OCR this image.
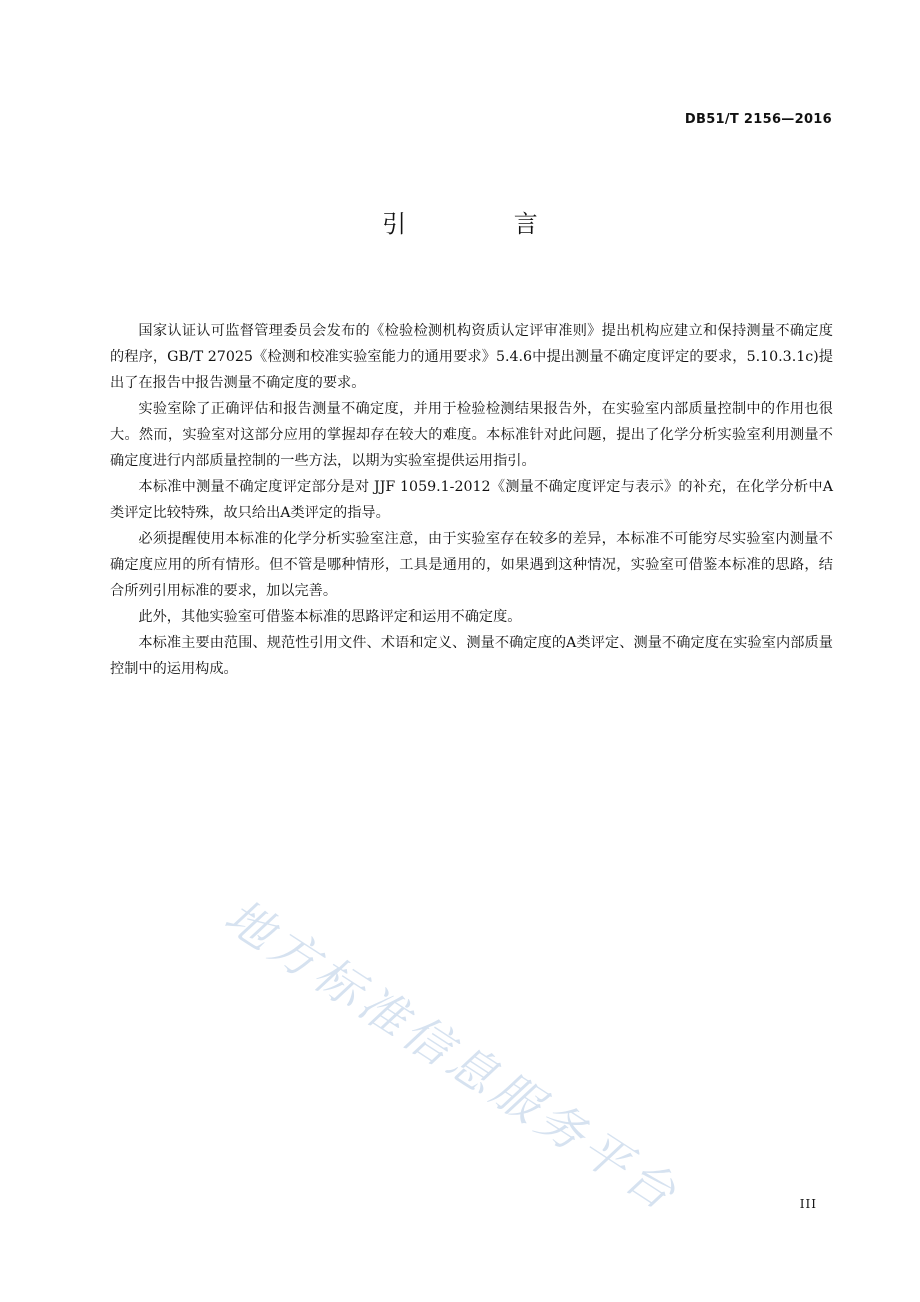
DB51/T 2156—2016
引 言

国家认证认可监督管理委员会发布的《检验检测机构资质认定评审准则》提出机构应建立和保持测量不确定度的程序，GB/T 27025《检测和校准实验室能力的通用要求》5.4.6中提出测量不确定度评定的要求，5.10.3.1c)提出了在报告中报告测量不确定度的要求。

实验室除了正确评估和报告测量不确定度，并用于检验检测结果报告外，在实验室内部质量控制中的作用也很大。然而，实验室对这部分应用的掌握却存在较大的难度。本标准针对此问题，提出了化学分析实验室利用测量不确定度进行内部质量控制的一些方法，以期为实验室提供运用指引。

本标准中测量不确定度评定部分是对 JJF 1059.1-2012《测量不确定度评定与表示》的补充，在化学分析中A类评定比较特殊，故只给出A类评定的指导。

必须提醒使用本标准的化学分析实验室注意，由于实验室存在较多的差异，本标准不可能穷尽实验室内测量不确定度应用的所有情形。但不管是哪种情形，工具是通用的，如果遇到这种情况，实验室可借鉴本标准的思路，结合所列引用标准的要求，加以完善。

此外，其他实验室可借鉴本标准的思路评定和运用不确定度。

本标准主要由范围、规范性引用文件、术语和定义、测量不确定度的A类评定、测量不确定度在实验室内部质量控制中的运用构成。

地方标准信息服务平台	III
